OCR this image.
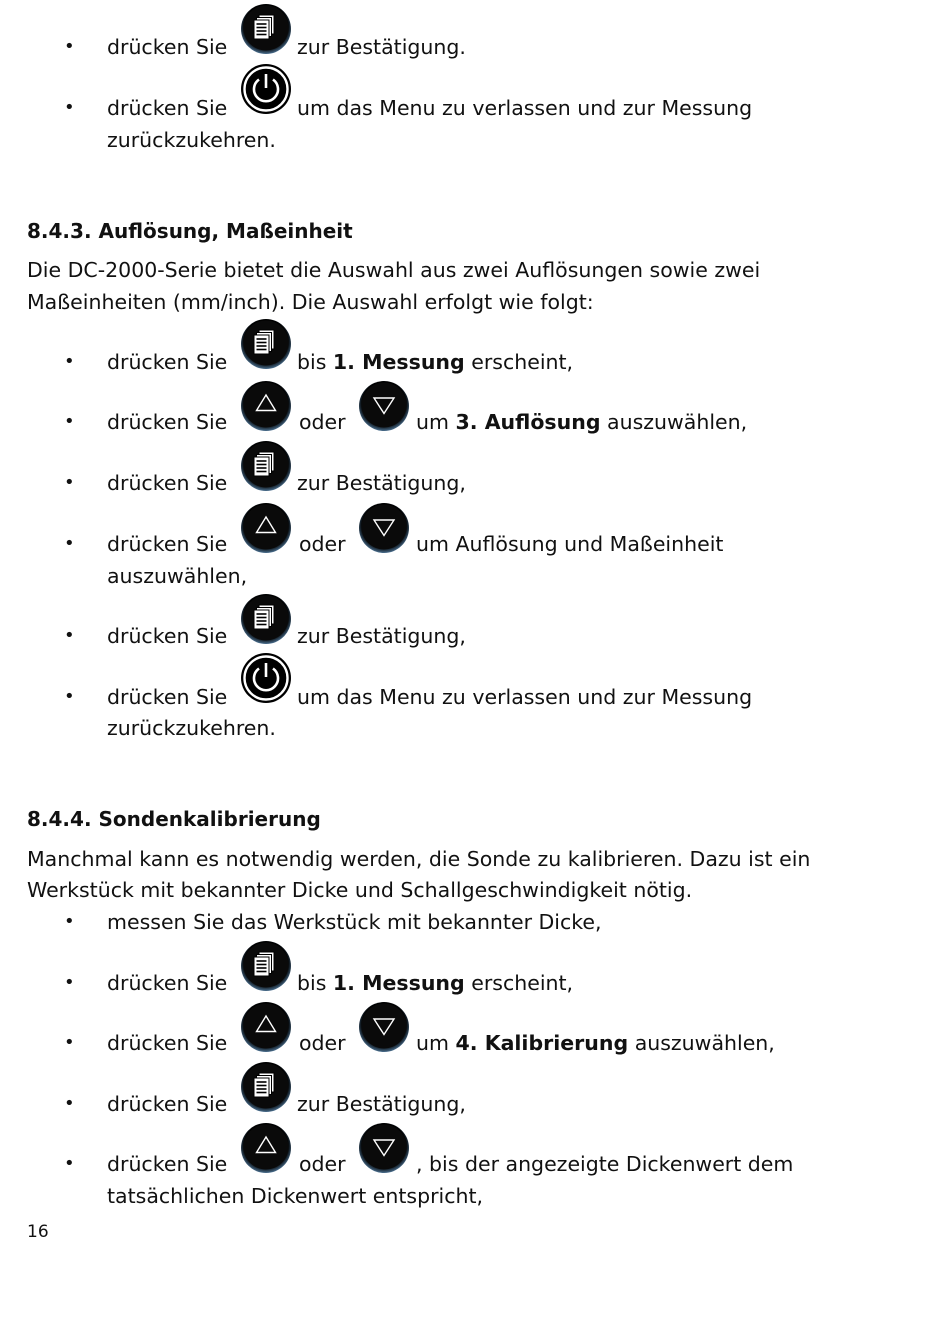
• drücken Sie	zur Bestätigung.
• drücken Sie	um das Menu zu verlassen und zur Messung
zurückzukehren.
8.4.3. Auflösung, Maßeinheit
Die DC-2000-Serie bietet die Auswahl aus zwei Auflösungen sowie zwei
Maßeinheiten (mm/inch). Die Auswahl erfolgt wie folgt:
• drücken Sie	bis 1. Messung erscheint,
• drücken Sie	oder	um 3. Auflösung auszuwählen,
• drücken Sie	zur Bestätigung,
• drücken Sie	oder	um Auflösung und Maßeinheit
auszuwählen,
• drücken Sie	zur Bestätigung,
• drücken Sie	um das Menu zu verlassen und zur Messung
zurückzukehren.
8.4.4. Sondenkalibrierung
Manchmal kann es notwendig werden, die Sonde zu kalibrieren. Dazu ist ein
Werkstück mit bekannter Dicke und Schallgeschwindigkeit nötig.
• messen Sie das Werkstück mit bekannter Dicke,
• drücken Sie	bis 1. Messung erscheint,
• drücken Sie	oder	um 4. Kalibrierung auszuwählen,
• drücken Sie	zur Bestätigung,
• drücken Sie	oder	, bis der angezeigte Dickenwert dem
tatsächlichen Dickenwert entspricht,
16
